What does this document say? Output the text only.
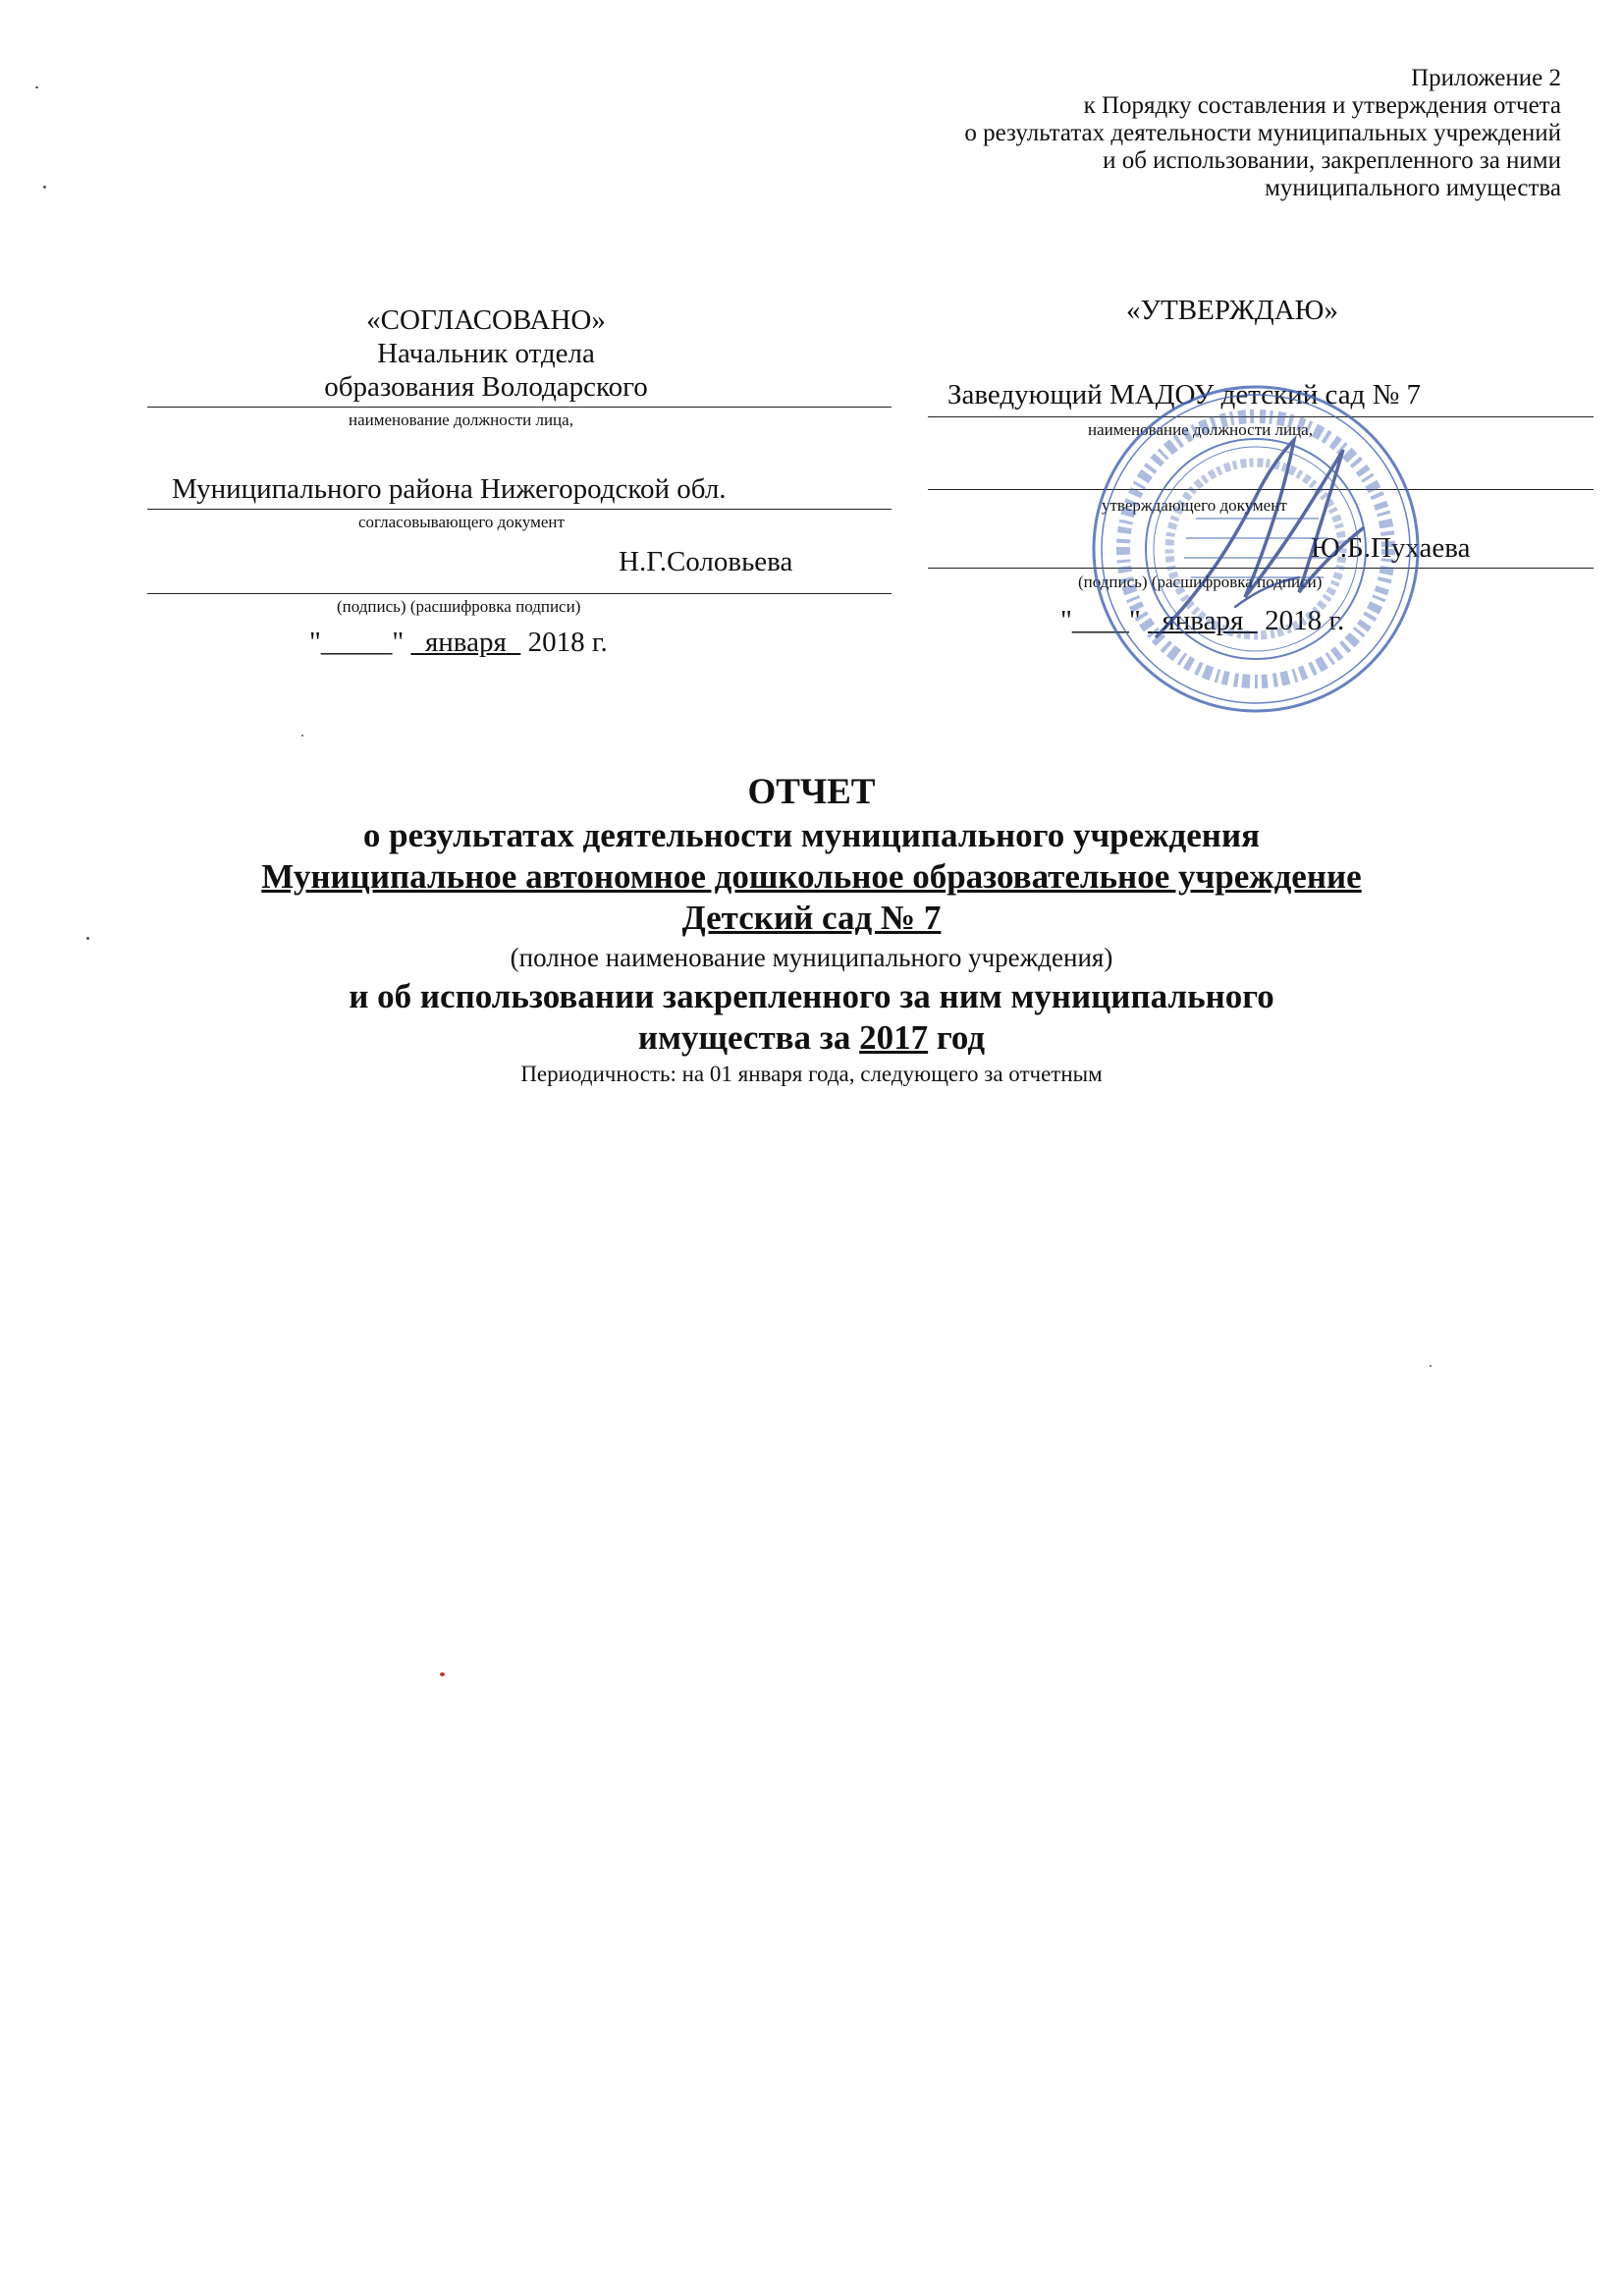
Приложение 2
к Порядку составления и утверждения отчета
о результатах деятельности муниципальных учреждений
и об использовании, закрепленного за ними
муниципального имущества
«СОГЛАСОВАНО»
Начальник отдела
образования Володарского
наименование должности лица,
Муниципального района Нижегородской обл.
согласовывающего документ
Н.Г.Соловьева
(подпись) (расшифровка подписи)
"_____" января 2018 г.
«УТВЕРЖДАЮ»
Заведующий МАДОУ детский сад № 7
наименование должности лица,
утверждающего документ
Ю.Б.Пухаева
(подпись) (расшифровка подписи)
"____" января 2018 г.
ОТЧЕТ
о результатах деятельности муниципального учреждения
Муниципальное автономное дошкольное образовательное учреждение
Детский сад № 7
(полное наименование муниципального учреждения)
и об использовании закрепленного за ним муниципального
имущества за 2017 год
Периодичность: на 01 января года, следующего за отчетным
